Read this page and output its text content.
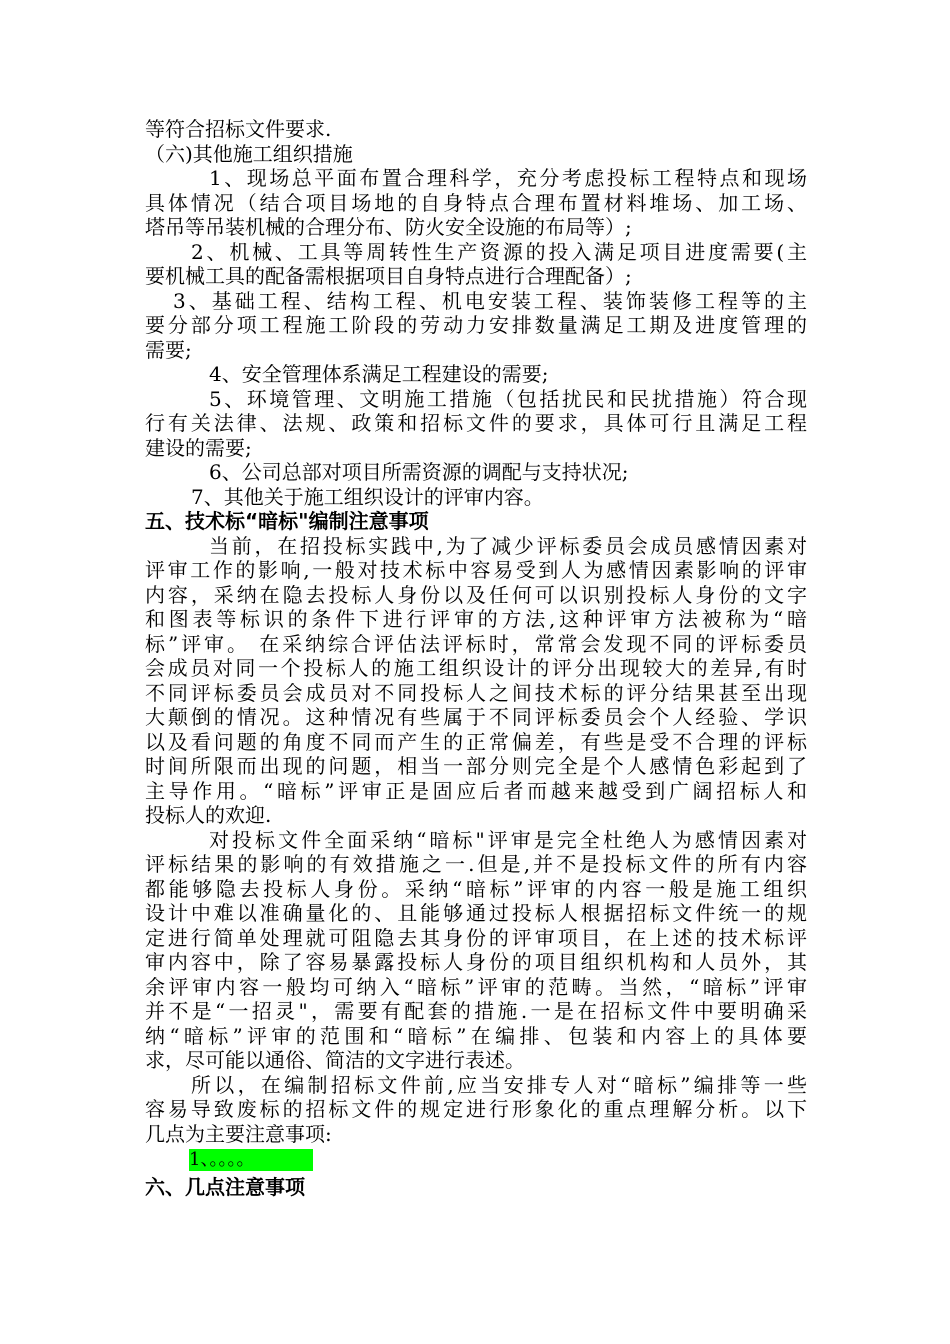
等符合招标文件要求.
（六)其他施工组织措施
1、现场总平面布置合理科学，充分考虑投标工程特点和现场
具体情况（结合项目场地的自身特点合理布置材料堆场、加工场、
塔吊等吊装机械的合理分布、防火安全设施的布局等）;
2、机械、工具等周转性生产资源的投入满足项目进度需要(主
要机械工具的配备需根据项目自身特点进行合理配备）;
3、基础工程、结构工程、机电安装工程、装饰装修工程等的主
要分部分项工程施工阶段的劳动力安排数量满足工期及进度管理的
需要;
4、安全管理体系满足工程建设的需要;
5、环境管理、文明施工措施（包括扰民和民扰措施）符合现
行有关法律、法规、政策和招标文件的要求，具体可行且满足工程
建设的需要;
6、公司总部对项目所需资源的调配与支持状况;
7、其他关于施工组织设计的评审内容。
五、技术标“暗标"编制注意事项
当前，在招投标实践中,为了减少评标委员会成员感情因素对
评审工作的影响,一般对技术标中容易受到人为感情因素影响的评审
内容，采纳在隐去投标人身份以及任何可以识别投标人身份的文字
和图表等标识的条件下进行评审的方法,这种评审方法被称为“暗
标”评审。 在采纳综合评估法评标时，常常会发现不同的评标委员
会成员对同一个投标人的施工组织设计的评分出现较大的差异,有时
不同评标委员会成员对不同投标人之间技术标的评分结果甚至出现
大颠倒的情况。这种情况有些属于不同评标委员会个人经验、学识
以及看问题的角度不同而产生的正常偏差，有些是受不合理的评标
时间所限而出现的问题，相当一部分则完全是个人感情色彩起到了
主导作用。“暗标”评审正是固应后者而越来越受到广阔招标人和
投标人的欢迎.
对投标文件全面采纳“暗标"评审是完全杜绝人为感情因素对
评标结果的影响的有效措施之一.但是,并不是投标文件的所有内容
都能够隐去投标人身份。采纳“暗标”评审的内容一般是施工组织
设计中难以准确量化的、且能够通过投标人根据招标文件统一的规
定进行简单处理就可阻隐去其身份的评审项目，在上述的技术标评
审内容中，除了容易暴露投标人身份的项目组织机构和人员外，其
余评审内容一般均可纳入“暗标”评审的范畴。当然，“暗标”评审
并不是“一招灵"，需要有配套的措施.一是在招标文件中要明确采
纳“暗标”评审的范围和“暗标”在编排、包装和内容上的具体要
求，尽可能以通俗、简洁的文字进行表述。
所以，在编制招标文件前,应当安排专人对“暗标”编排等一些
容易导致废标的招标文件的规定进行形象化的重点理解分析。以下
几点为主要注意事项:
1、。。。。
六、几点注意事项
